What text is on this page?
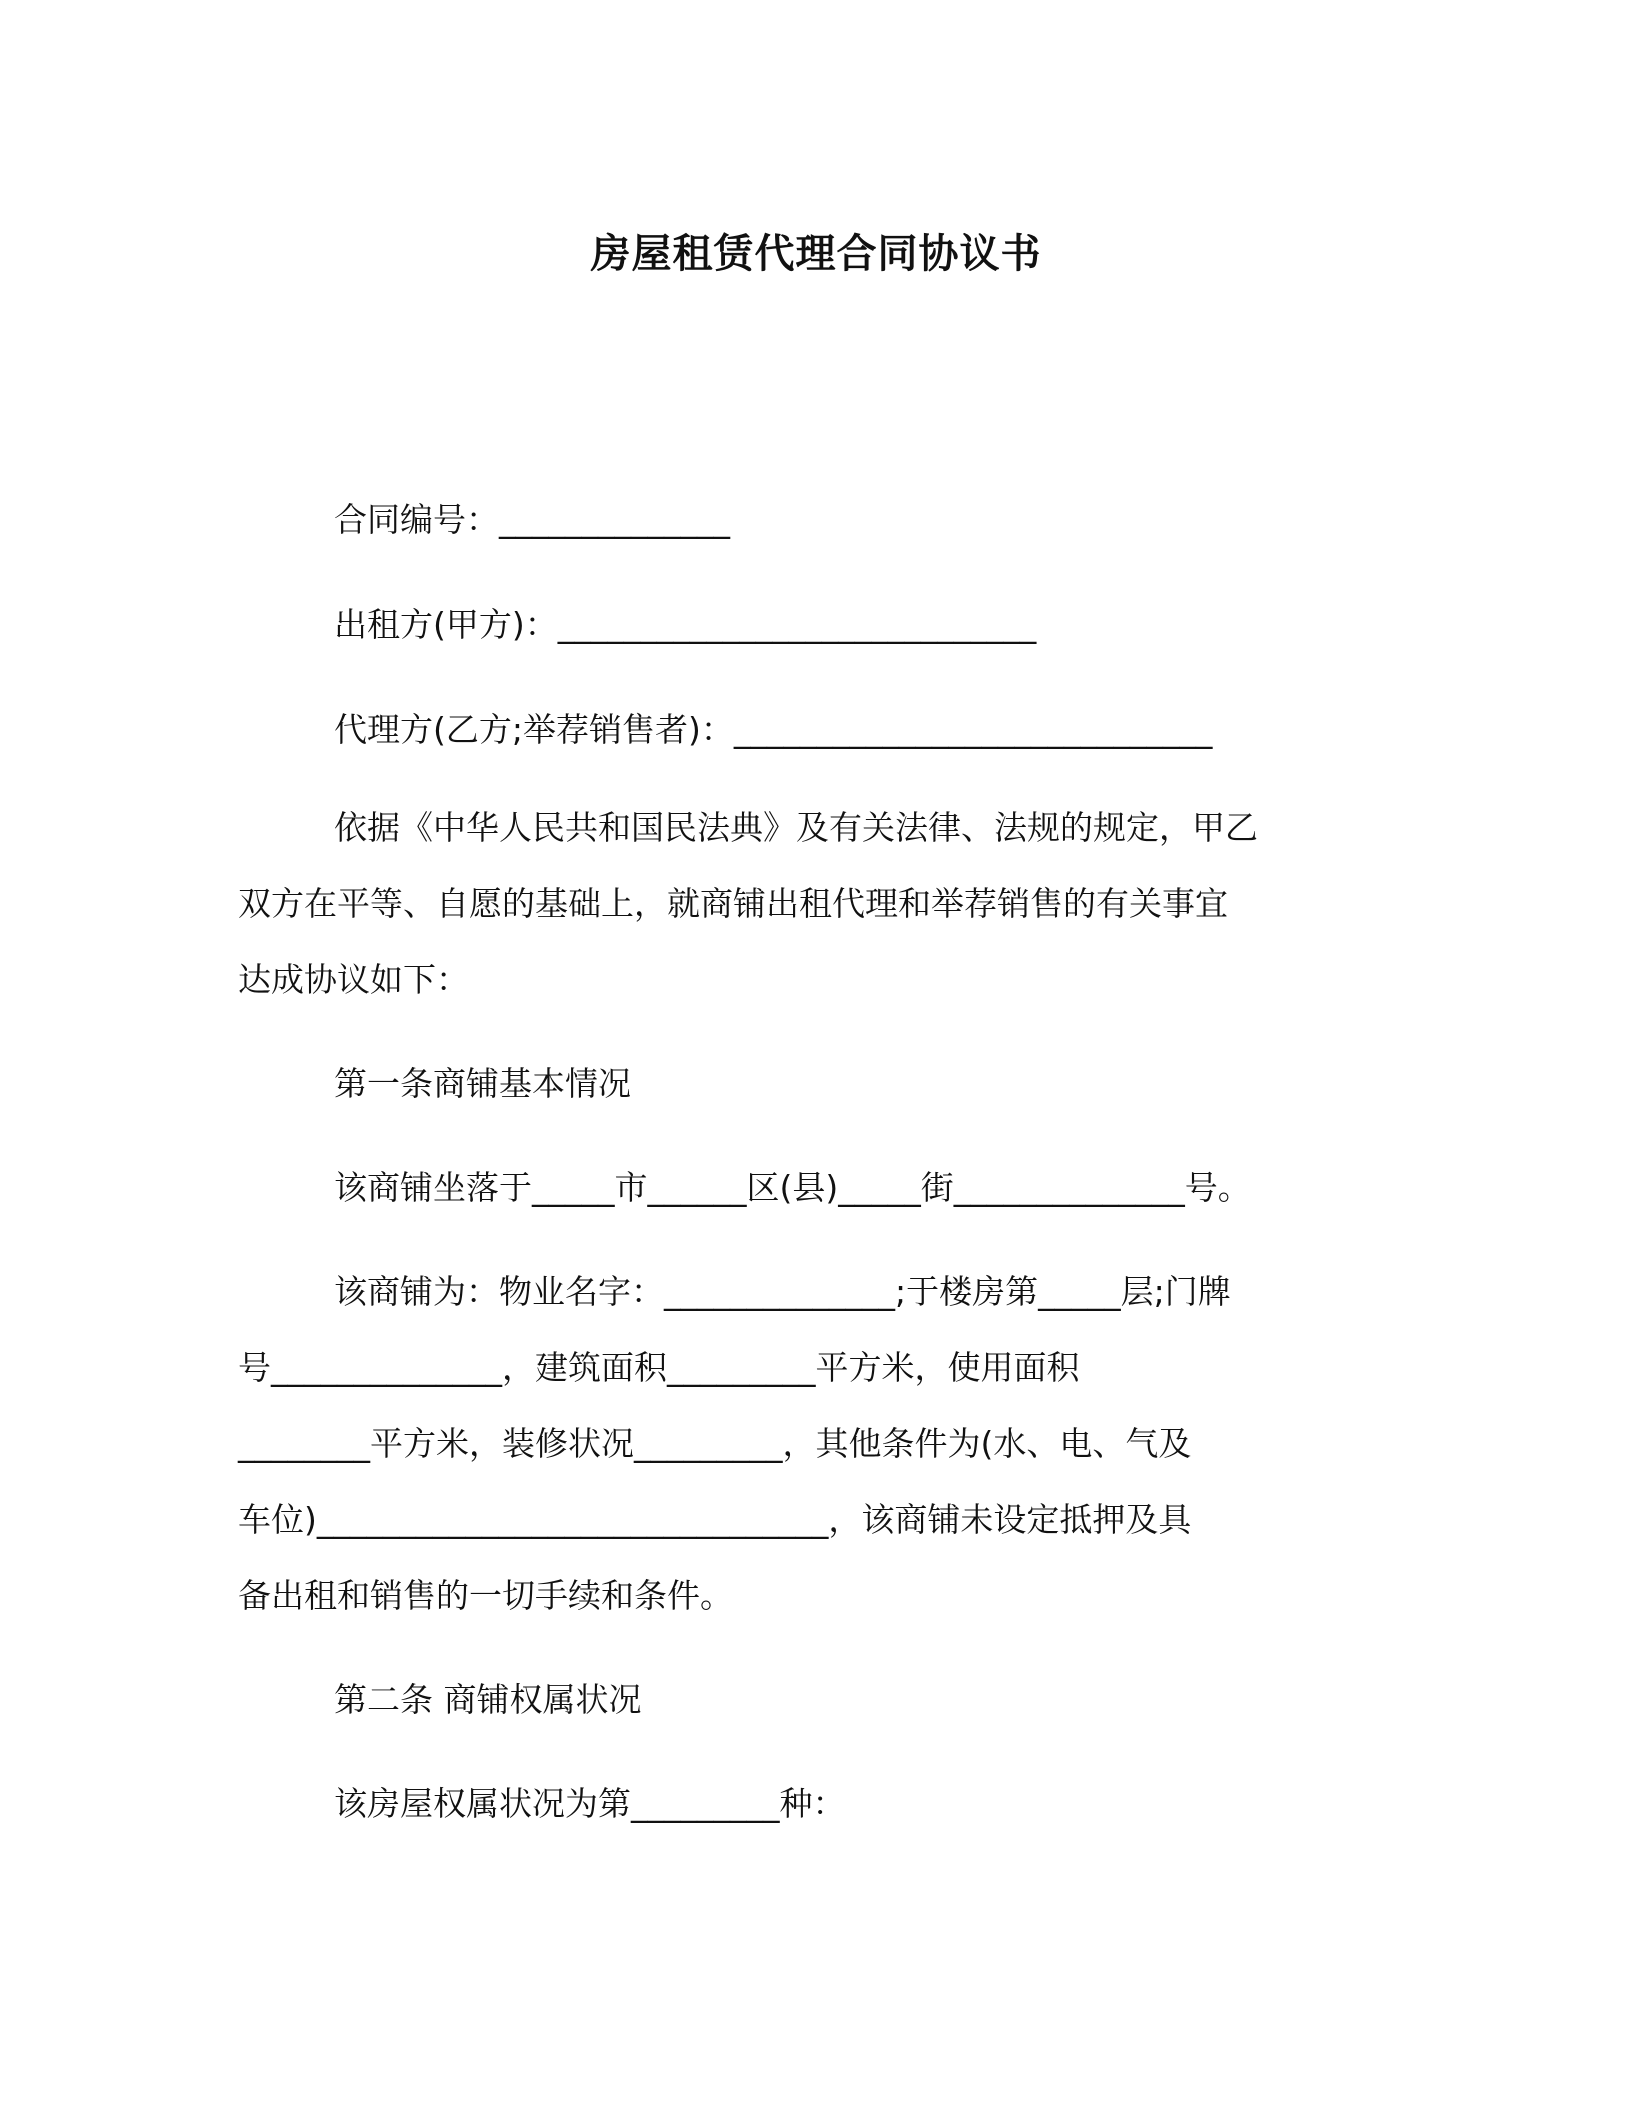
房屋租赁代理合同协议书

合同编号：______________

出租方(甲方)：_____________________________

代理方(乙方;举荐销售者)：_____________________________

依据《中华人民共和国民法典》及有关法律、法规的规定，甲乙

双方在平等、自愿的基础上，就商铺出租代理和举荐销售的有关事宜

达成协议如下：

第一条商铺基本情况

该商铺坐落于_____市______区(县)_____街______________号。

该商铺为：物业名字：______________;于楼房第_____层;门牌

号______________，建筑面积_________平方米，使用面积

________平方米，装修状况_________，其他条件为(水、电、气及

车位)_______________________________，该商铺未设定抵押及具

备出租和销售的一切手续和条件。

第二条 商铺权属状况

该房屋权属状况为第_________种：
